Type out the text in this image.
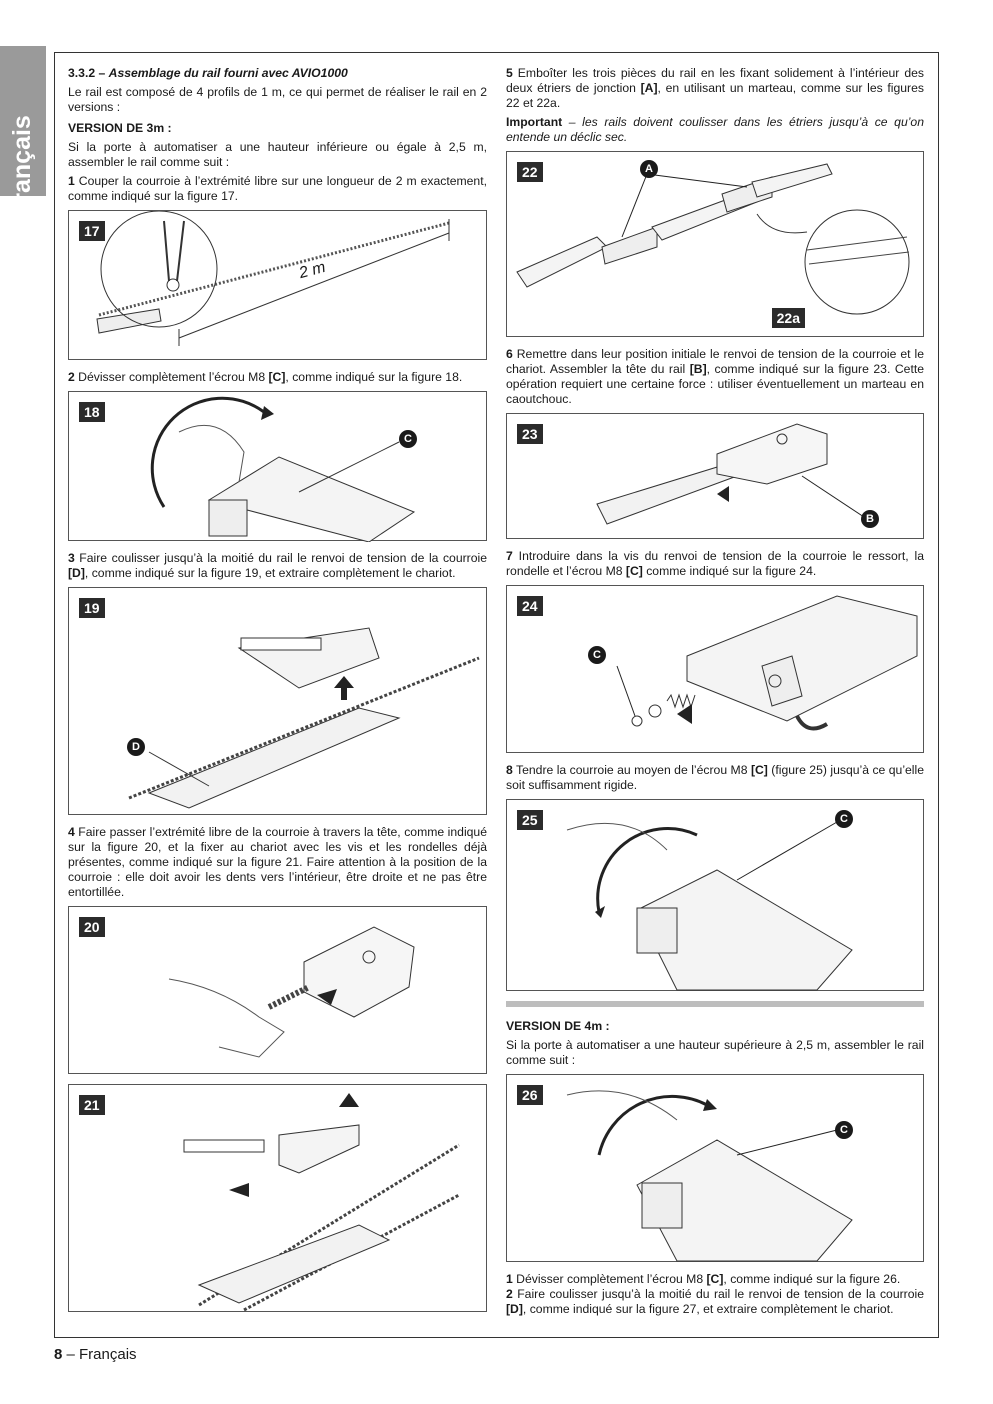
Français
3.3.2 – Assemblage du rail fourni avec AVIO1000

Le rail est composé de 4 profils de 1 m, ce qui permet de réaliser le rail en 2 versions :

VERSION DE 3m :

Si la porte à automatiser a une hauteur inférieure ou égale à 2,5 m, assembler le rail comme suit :

1 Couper la courroie à l’extrémité libre sur une longueur de 2 m exactement, comme indiqué sur la figure 17.

17
2 m

2 Dévisser complètement l’écrou M8 [C], comme indiqué sur la figure 18.

18
C

3 Faire coulisser jusqu’à la moitié du rail le renvoi de tension de la courroie [D], comme indiqué sur la figure 19, et extraire complètement le chariot.

19
D

4 Faire passer l’extrémité libre de la courroie à travers la tête, comme indiqué sur la figure 20, et la fixer au chariot avec les vis et les rondelles déjà présentes, comme indiqué sur la figure 21. Faire attention à la position de la courroie : elle doit avoir les dents vers l’intérieur, être droite et ne pas être entortillée.

20
21

5 Emboîter les trois pièces du rail en les fixant solidement à l’intérieur des deux étriers de jonction [A], en utilisant un marteau, comme sur les figures 22 et 22a.

Important – les rails doivent coulisser dans les étriers jusqu’à ce qu’on entende un déclic sec.

22	A
22a

6 Remettre dans leur position initiale le renvoi de tension de la courroie et le chariot. Assembler la tête du rail [B], comme indiqué sur la figure 23. Cette opération requiert une certaine force : utiliser éventuellement un marteau en caoutchouc.

23
B

7 Introduire dans la vis du renvoi de tension de la courroie le ressort, la rondelle et l’écrou M8 [C] comme indiqué sur la figure 24.

24
C

8 Tendre la courroie au moyen de l’écrou M8 [C] (figure 25) jusqu’à ce qu’elle soit suffisamment rigide.

25	C
VERSION DE 4m :

Si la porte à automatiser a une hauteur supérieure à 2,5 m, assembler le rail comme suit :

26
C

1 Dévisser complètement l’écrou M8 [C], comme indiqué sur la figure 26.

2 Faire coulisser jusqu’à la moitié du rail le renvoi de tension de la courroie [D], comme indiqué sur la figure 27, et extraire complètement le chariot.

8 – Français
